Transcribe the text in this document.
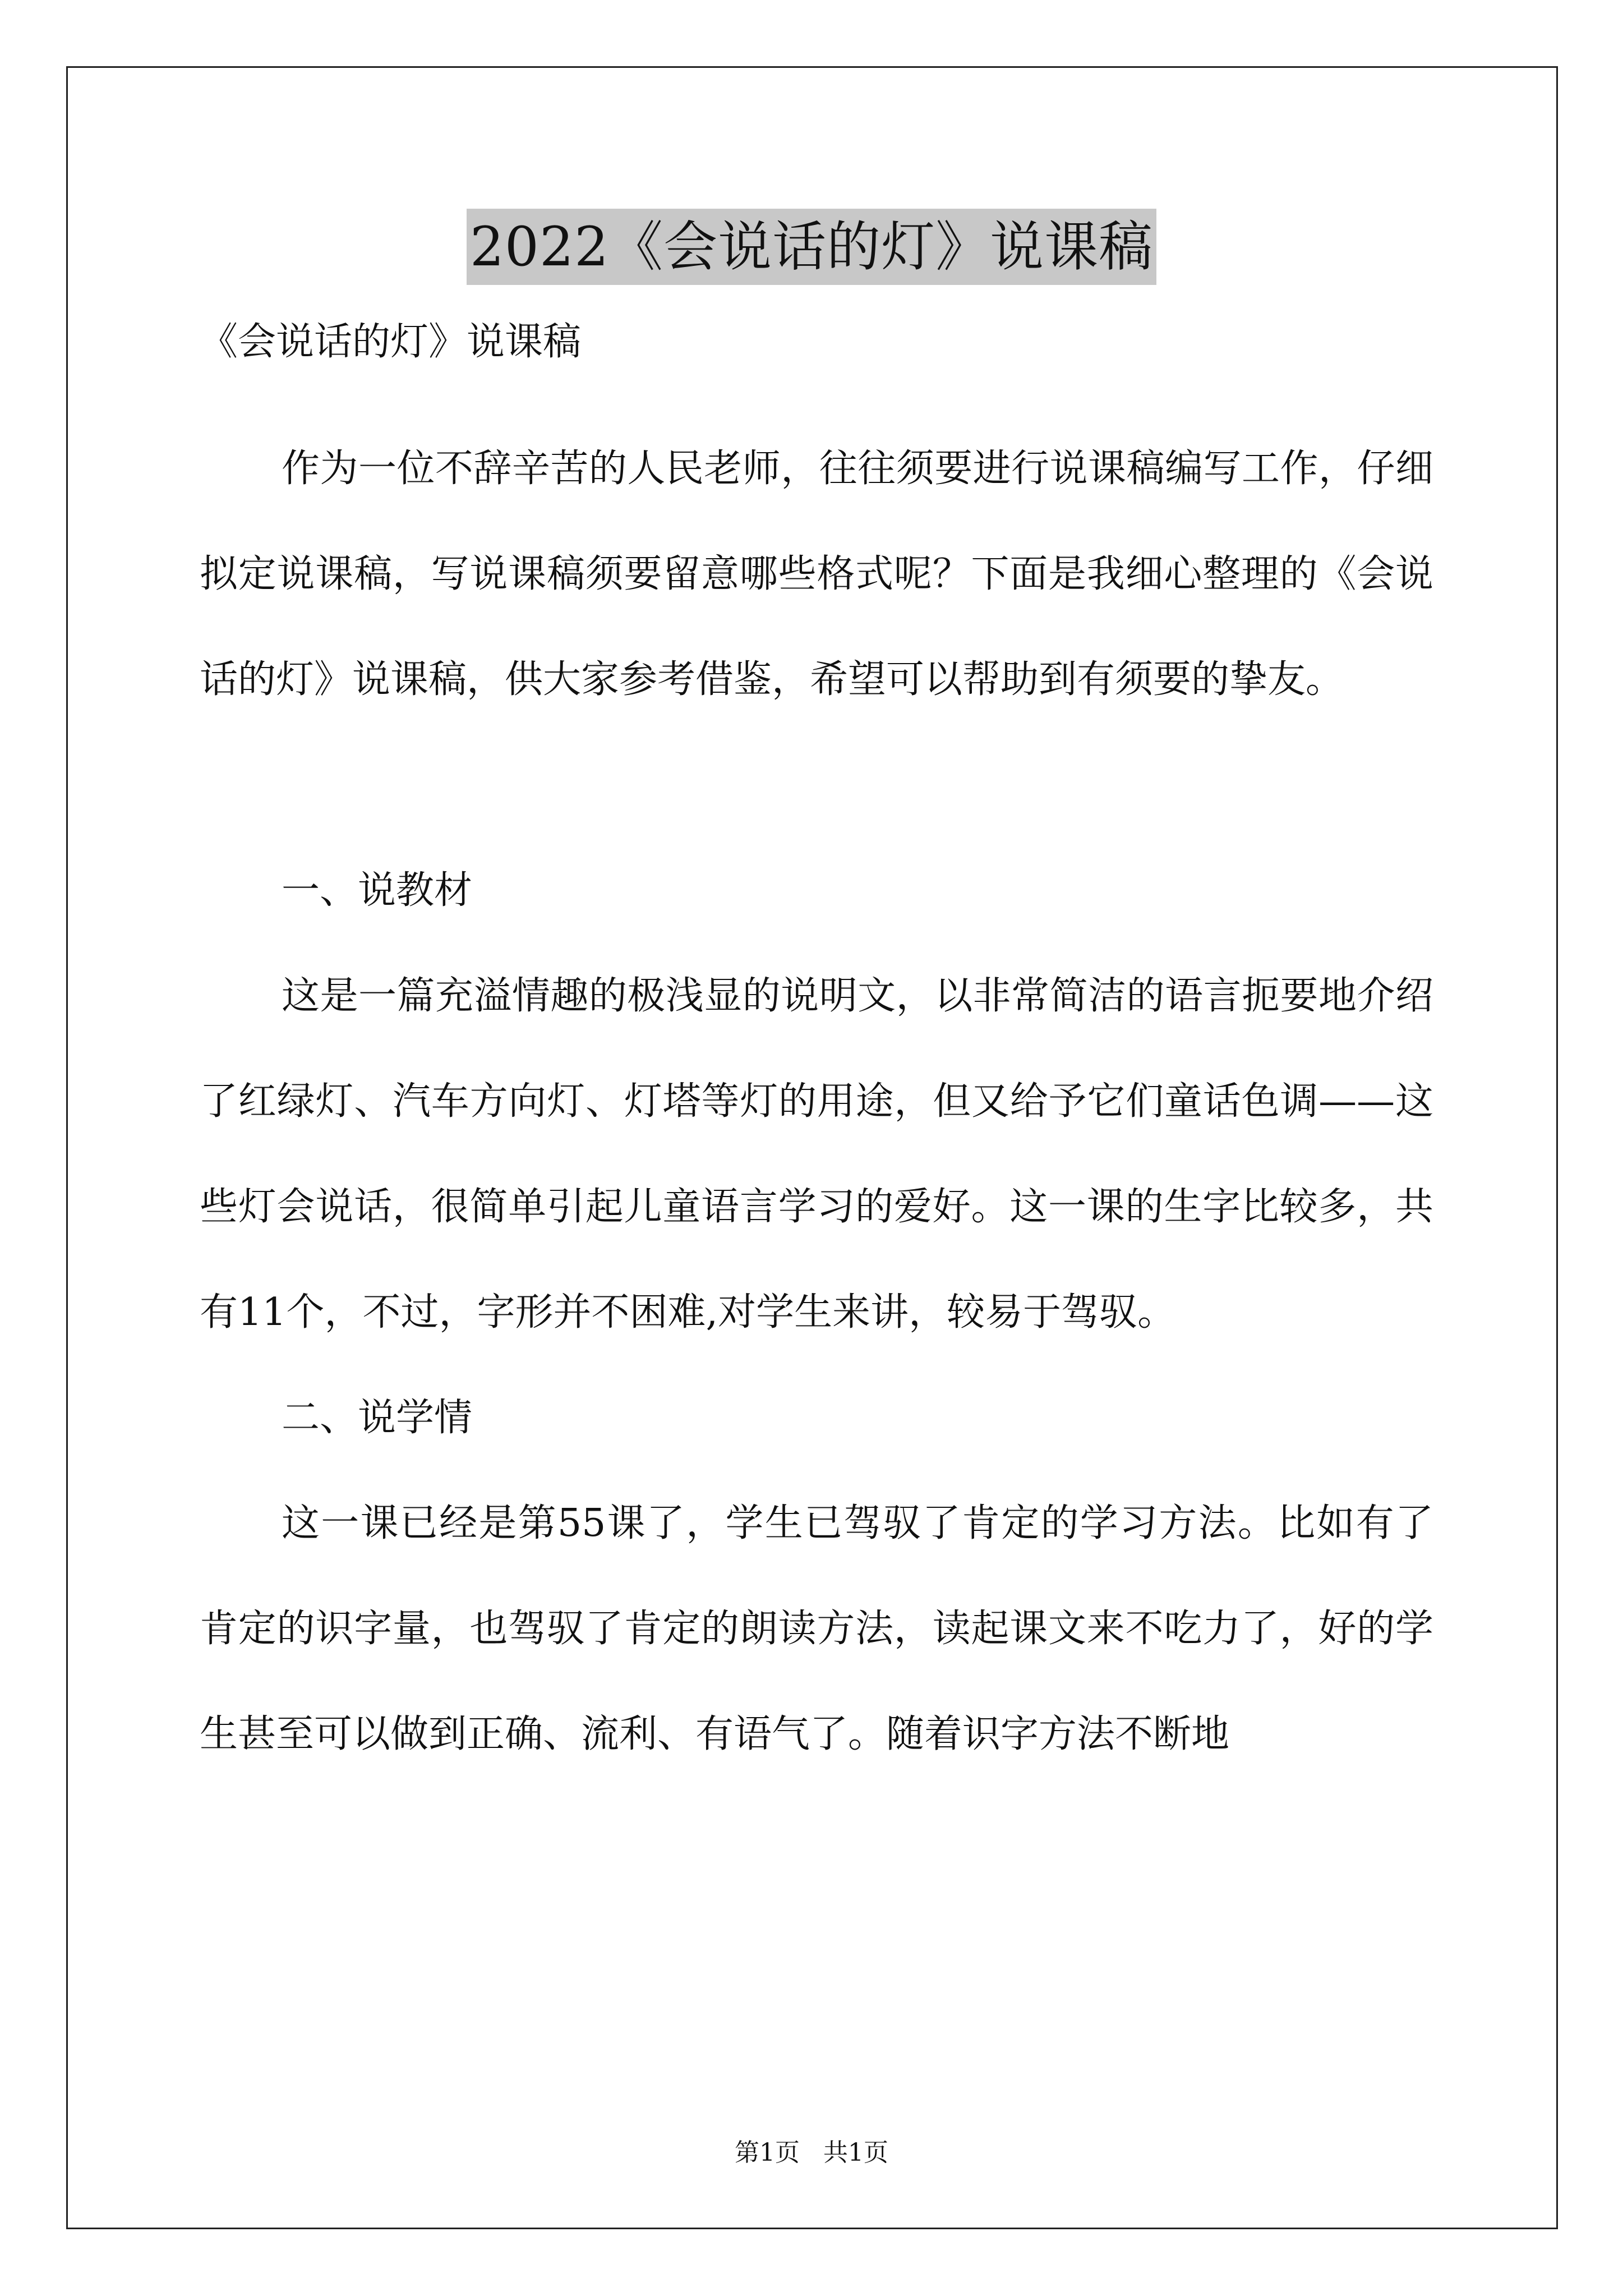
2022《会说话的灯》说课稿

《会说话的灯》说课稿

作为一位不辞辛苦的人民老师，往往须要进行说课稿编写工作，仔细拟定说课稿，写说课稿须要留意哪些格式呢？下面是我细心整理的《会说话的灯》说课稿，供大家参考借鉴，希望可以帮助到有须要的挚友。

一、说教材

这是一篇充溢情趣的极浅显的说明文，以非常简洁的语言扼要地介绍了红绿灯、汽车方向灯、灯塔等灯的用途，但又给予它们童话色调——这些灯会说话，很简单引起儿童语言学习的爱好。这一课的生字比较多，共有11个，不过，字形并不困难,对学生来讲，较易于驾驭。

二、说学情

这一课已经是第55课了，学生已驾驭了肯定的学习方法。比如有了肯定的识字量，也驾驭了肯定的朗读方法，读起课文来不吃力了，好的学生甚至可以做到正确、流利、有语气了。随着识字方法不断地

第1页   共1页
